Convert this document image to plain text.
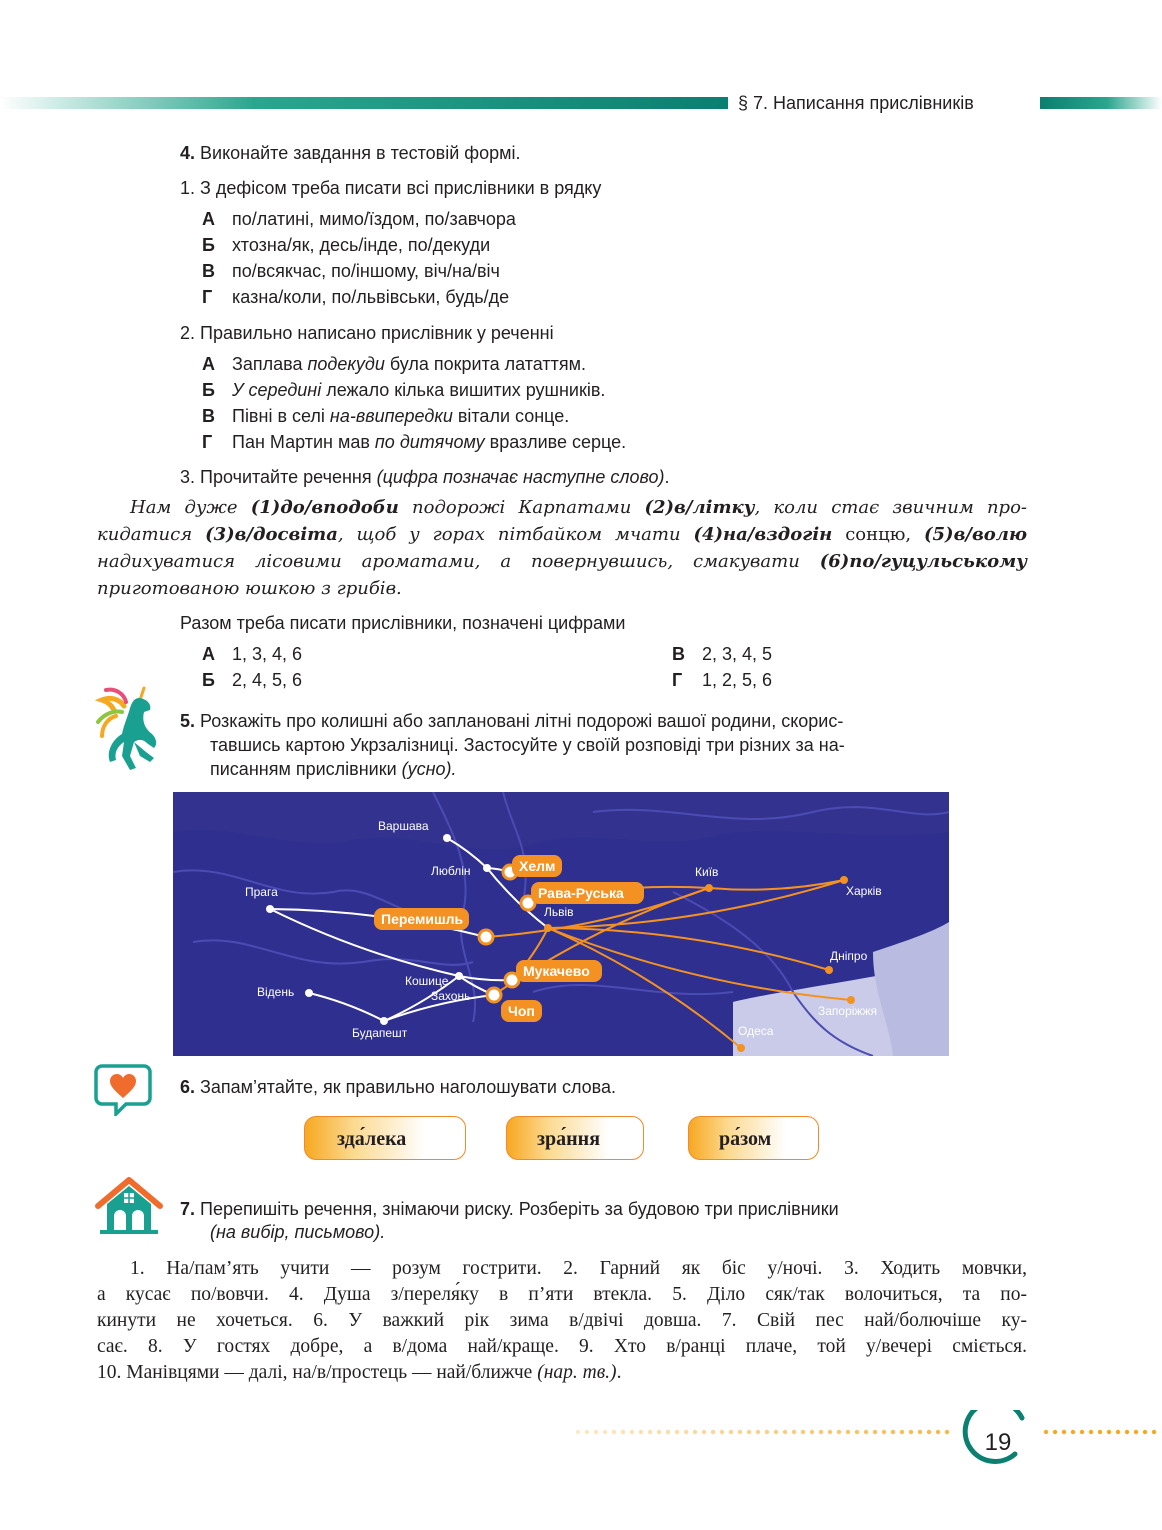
§ 7. Написання прислівників
4. Виконайте завдання в тестовій формі.
1. З дефісом треба писати всі прислівники в рядку
А по/латині, мимо/їздом, по/завчора
Б хтозна/як, десь/інде, по/декуди
В по/всякчас, по/іншому, віч/на/віч
Г казна/коли, по/львівськи, будь/де
2. Правильно написано прислівник у реченні
А Заплава подекуди була покрита лататтям.
Б У середині лежало кілька вишитих рушників.
В Півні в селі на-ввипередки вітали сонце.
Г Пан Мартин мав по дитячому вразливе серце.
3. Прочитайте речення (цифра позначає наступне слово).
Нам дуже (1)до/вподоби подорожі Карпатами (2)в/літку, коли стає звичним про-
кидатися (3)в/досвіта, щоб у горах пітбайком мчати (4)на/вздогін сонцю, (5)в/волю
надихуватися лісовими ароматами, а повернувшись, смакувати (6)по/гуцульському
приготованою юшкою з грибів.
Разом треба писати прислівники, позначені цифрами
А 1, 3, 4, 6
Б 2, 4, 5, 6
В 2, 3, 4, 5
Г 1, 2, 5, 6
5. Розкажіть про колишні або заплановані літні подорожі вашої родини, скорис-
тавшись картою Укрзалізниці. Застосуйте у своїй розповіді три різних за на-
писанням прислівники (усно).
Варшава
Люблін	Хелм
Рава-Руська
Львів
Перемишль
Прага
Мукачево
Кошице
Захонь
Чоп
Відень
Будапешт
Київ
Харків
Дніпро
Запоріжжя
Одеса
6. Запам’ятайте, як правильно наголошувати слова.
зда́лека	зра́ння	ра́зом
7. Перепишіть речення, знімаючи риску. Розберіть за будовою три прислівники
(на вибір, письмово).
1. На/пам’ять учити — розум гострити. 2. Гарний як біс у/ночі. 3. Ходить мовчки,
а кусає по/вовчи. 4. Душа з/переля́ку в п’яти втекла. 5. Діло сяк/так волочиться, та по-
кинути не хочеться. 6. У важкий рік зима в/двічі довша. 7. Свій пес най/болючіше ку-
сає. 8. У гостях добре, а в/дома най/краще. 9. Хто в/ранці плаче, той у/вечері сміється.
10. Манівцями — далі, на/в/простець — най/ближче (нар. тв.).
19
